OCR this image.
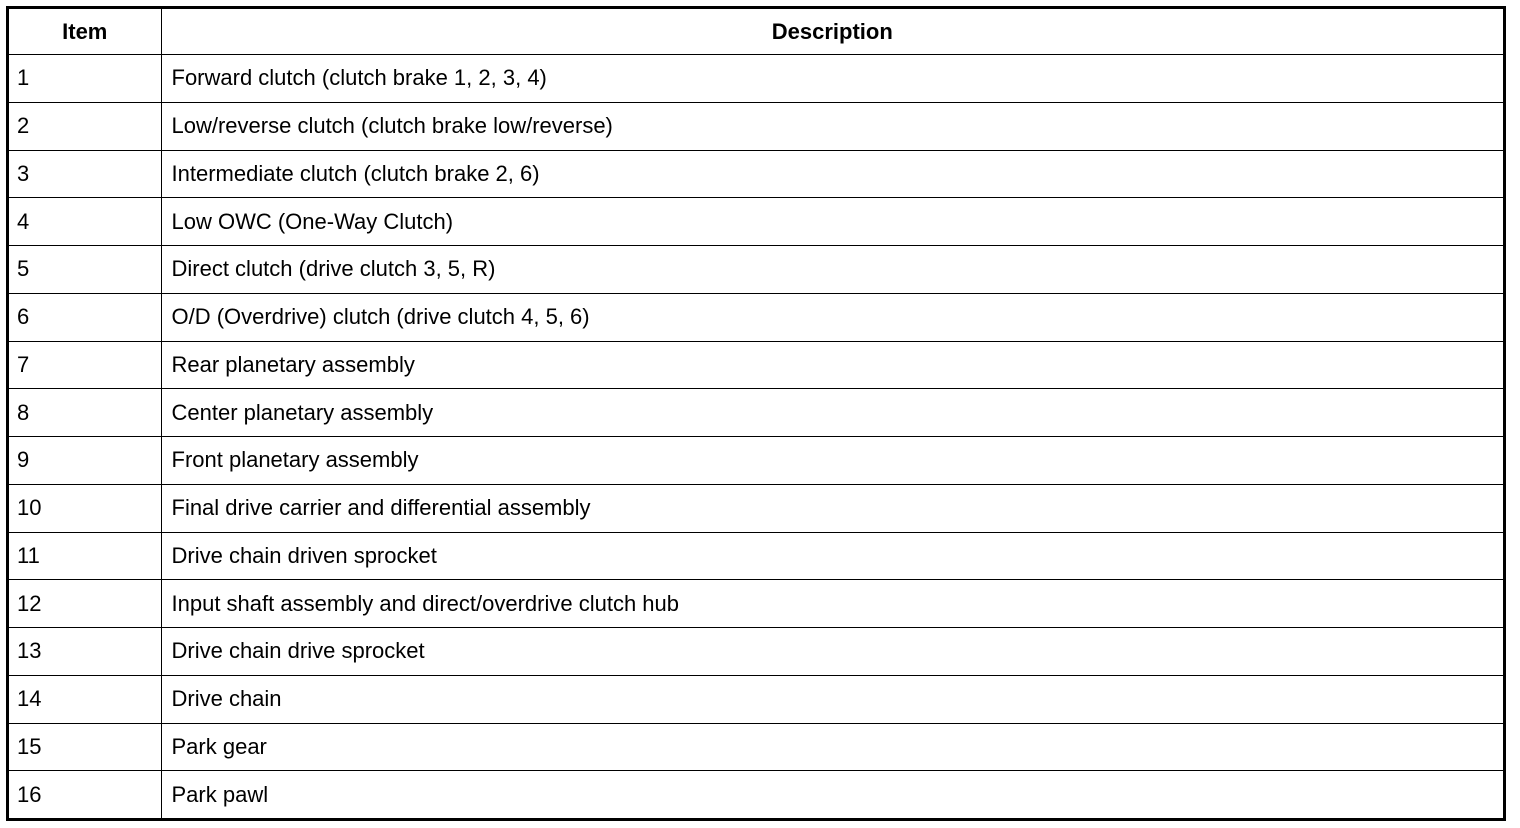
Item	Description
1	Forward clutch (clutch brake 1, 2, 3, 4)
2	Low/reverse clutch (clutch brake low/reverse)
3	Intermediate clutch (clutch brake 2, 6)
4	Low OWC (One-Way Clutch)
5	Direct clutch (drive clutch 3, 5, R)
6	O/D (Overdrive) clutch (drive clutch 4, 5, 6)
7	Rear planetary assembly
8	Center planetary assembly
9	Front planetary assembly
10	Final drive carrier and differential assembly
11	Drive chain driven sprocket
12	Input shaft assembly and direct/overdrive clutch hub
13	Drive chain drive sprocket
14	Drive chain
15	Park gear
16	Park pawl
